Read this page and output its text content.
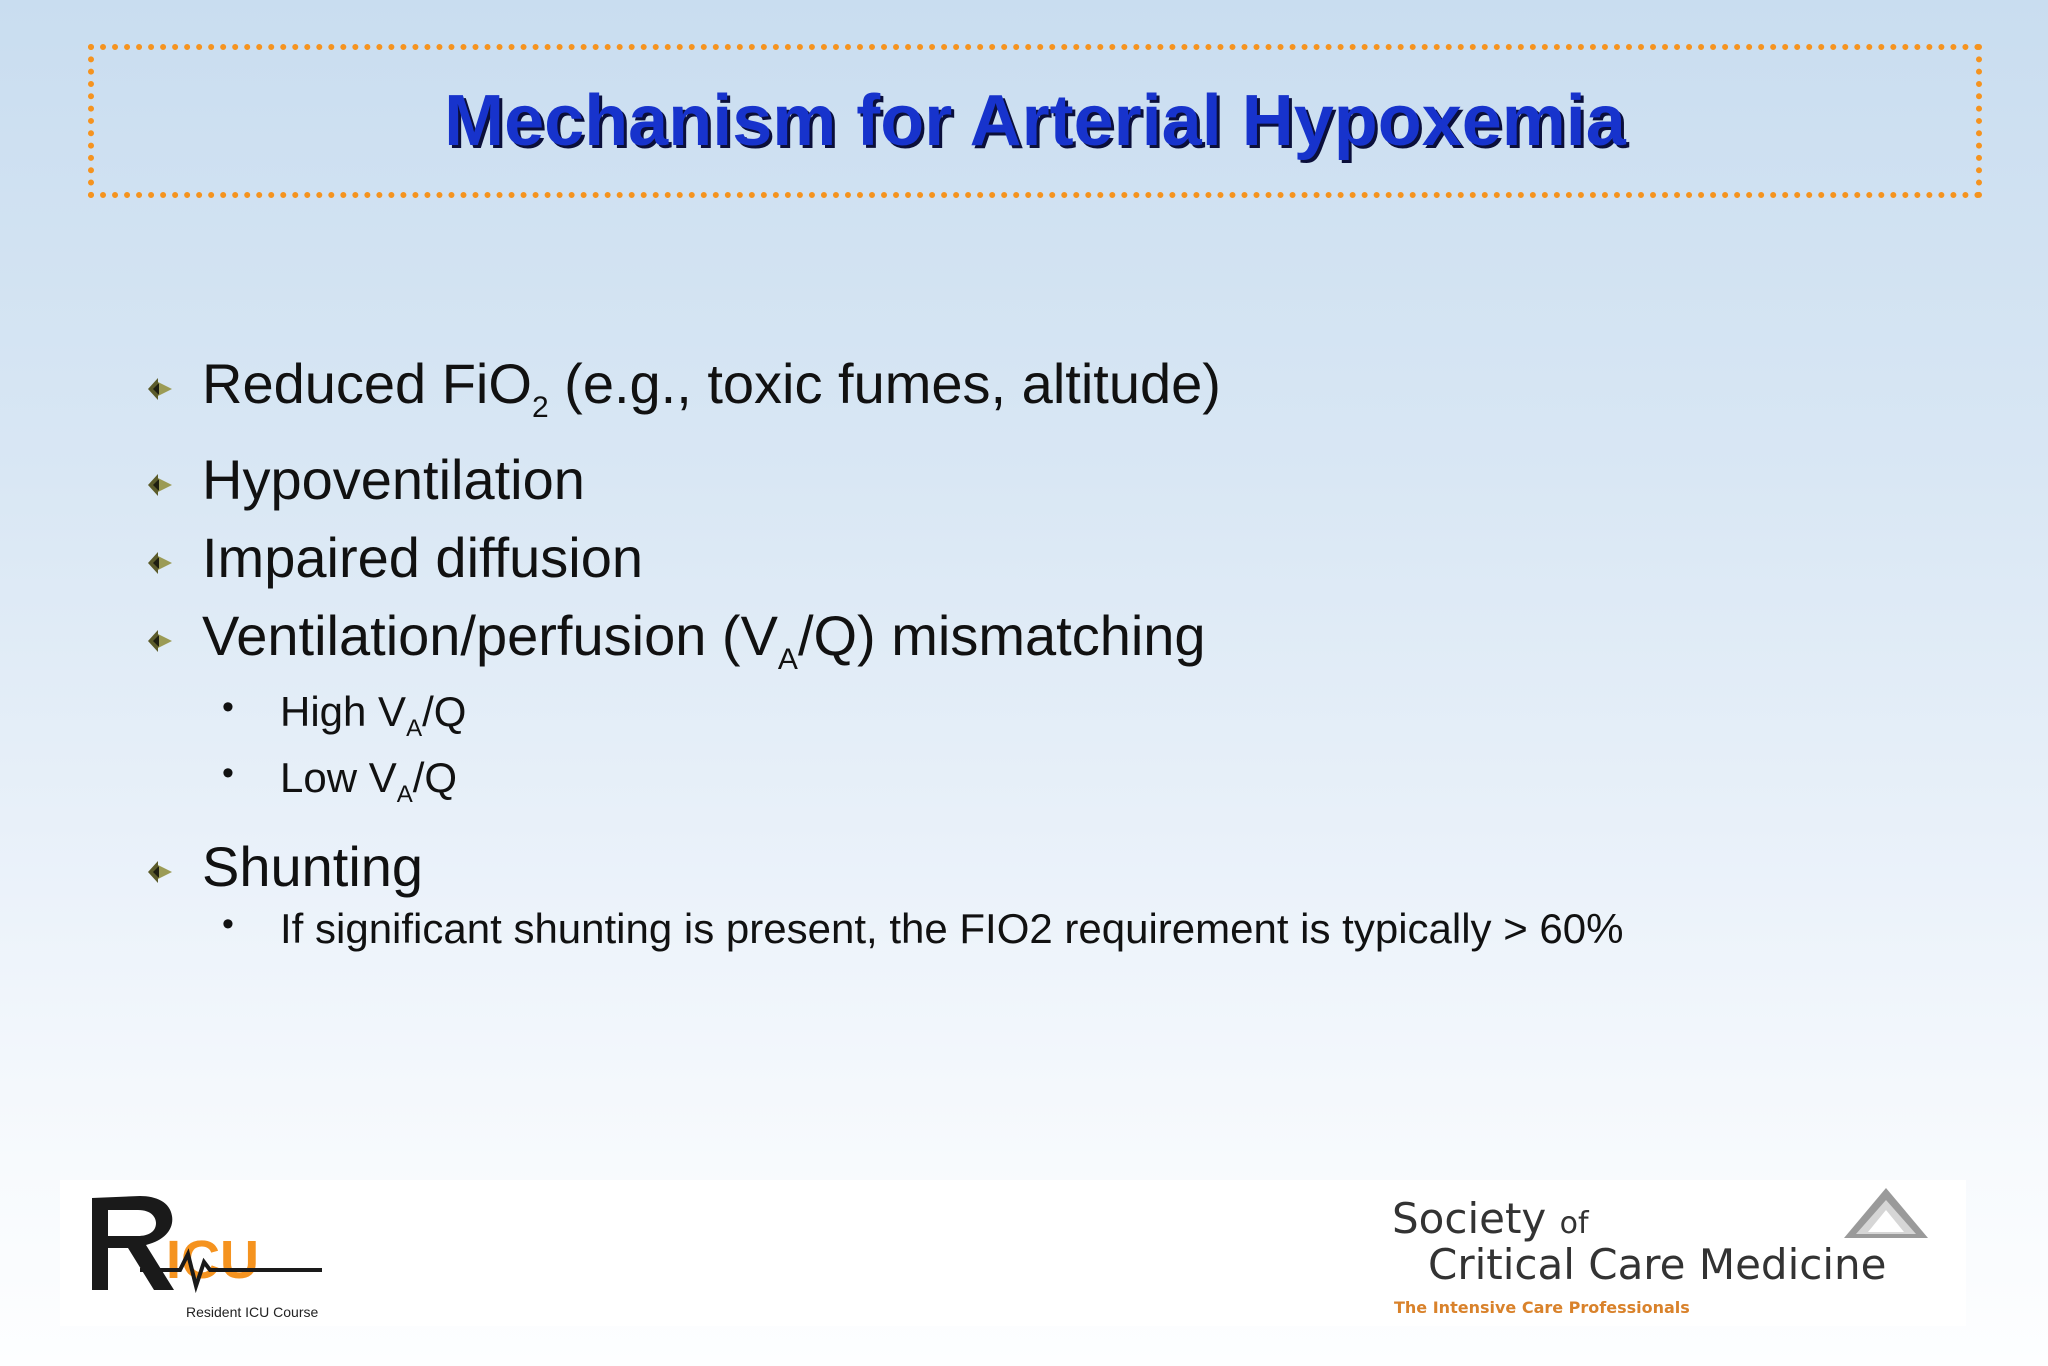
Mechanism for Arterial Hypoxemia
Reduced FiO$_2$ (e.g., toxic fumes, altitude)
Hypoventilation
Impaired diffusion
Ventilation/perfusion $(V_A/Q)$ mismatching
• High $V_A/Q$
• Low $V_A/Q$
Shunting
• If significant shunting is present, the FIO2 requirement is typically > 60%
ICU
Resident ICU Course
Society of
Critical Care Medicine
The Intensive Care Professionals
